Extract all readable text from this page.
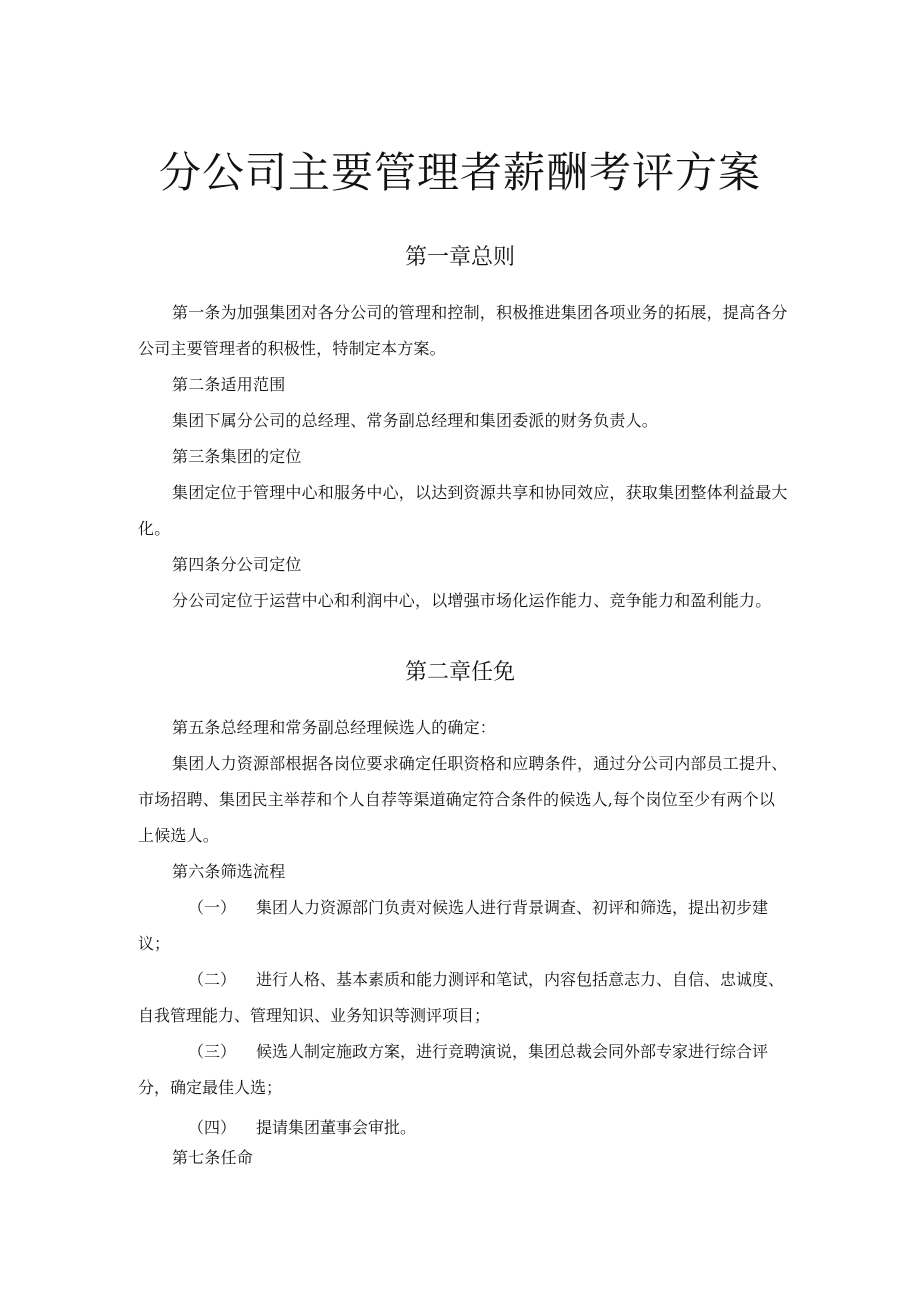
分公司主要管理者薪酬考评方案
第一章总则

第一条为加强集团对各分公司的管理和控制，积极推进集团各项业务的拓展，提高各分公司主要管理者的积极性，特制定本方案。

第二条适用范围

集团下属分公司的总经理、常务副总经理和集团委派的财务负责人。

第三条集团的定位

集团定位于管理中心和服务中心，以达到资源共享和协同效应，获取集团整体利益最大化。

第四条分公司定位

分公司定位于运营中心和利润中心，以增强市场化运作能力、竞争能力和盈利能力。

第二章任免

第五条总经理和常务副总经理候选人的确定：

集团人力资源部根据各岗位要求确定任职资格和应聘条件，通过分公司内部员工提升、市场招聘、集团民主举荐和个人自荐等渠道确定符合条件的候选人,每个岗位至少有两个以上候选人。

第六条筛选流程

（一）	集团人力资源部门负责对候选人进行背景调查、初评和筛选，提出初步建议；
（二）	进行人格、基本素质和能力测评和笔试，内容包括意志力、自信、忠诚度、自我管理能力、管理知识、业务知识等测评项目；
（三）	候选人制定施政方案，进行竞聘演说，集团总裁会同外部专家进行综合评分，确定最佳人选；
（四）	提请集团董事会审批。

第七条任命
